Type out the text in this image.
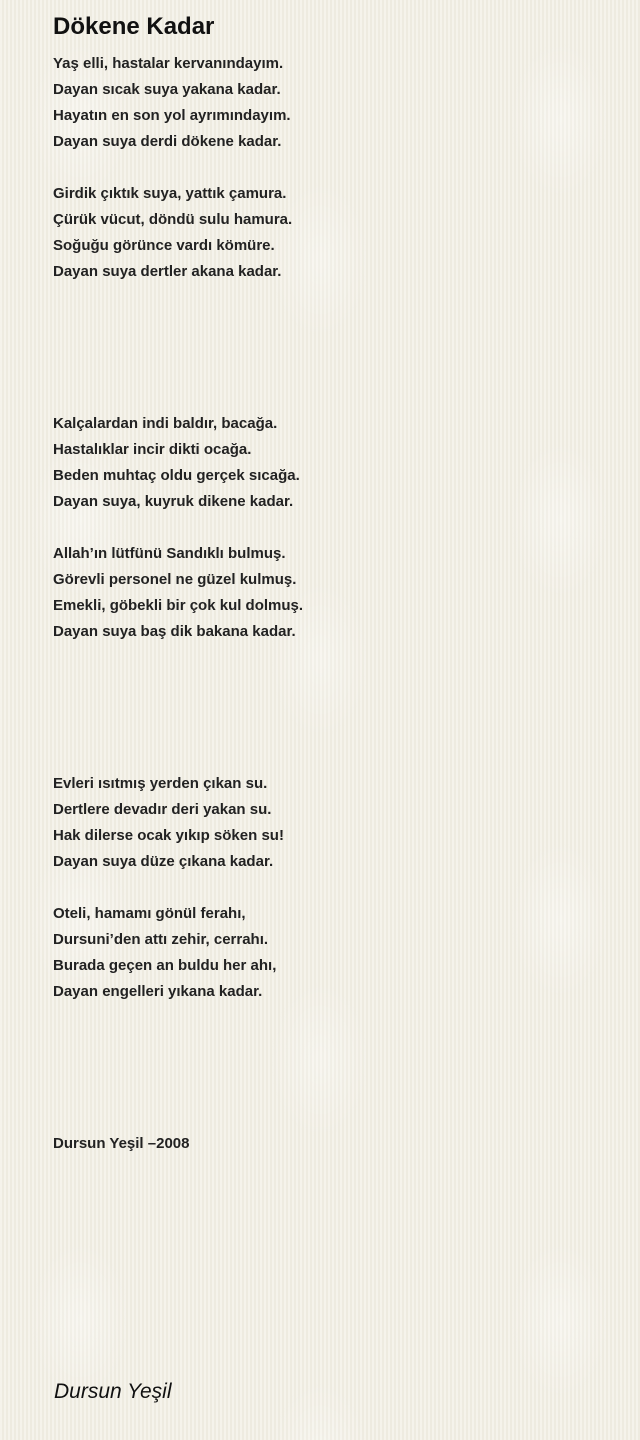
Dökene Kadar
Yaş elli, hastalar kervanındayım.
Dayan sıcak suya yakana kadar.
Hayatın en son yol ayrımındayım.
Dayan suya derdi dökene kadar.
Girdik çıktık suya, yattık çamura.
Çürük vücut, döndü sulu hamura.
Soğuğu görünce vardı kömüre.
Dayan suya dertler akana kadar.
Kalçalardan indi baldır, bacağa.
Hastalıklar incir dikti ocağa.
Beden muhtaç oldu gerçek sıcağa.
Dayan suya, kuyruk dikene kadar.
Allah’ın lütfünü Sandıklı bulmuş.
Görevli personel ne güzel kulmuş.
Emekli, göbekli bir çok kul dolmuş.
Dayan suya baş dik bakana kadar.
Evleri ısıtmış yerden çıkan su.
Dertlere devadır deri yakan su.
Hak dilerse ocak yıkıp söken su!
Dayan suya düze çıkana kadar.
Oteli, hamamı gönül ferahı,
Dursuni’den attı zehir, cerrahı.
Burada geçen an buldu her ahı,
Dayan engelleri yıkana kadar.
Dursun Yeşil –2008
Dursun Yeşil
